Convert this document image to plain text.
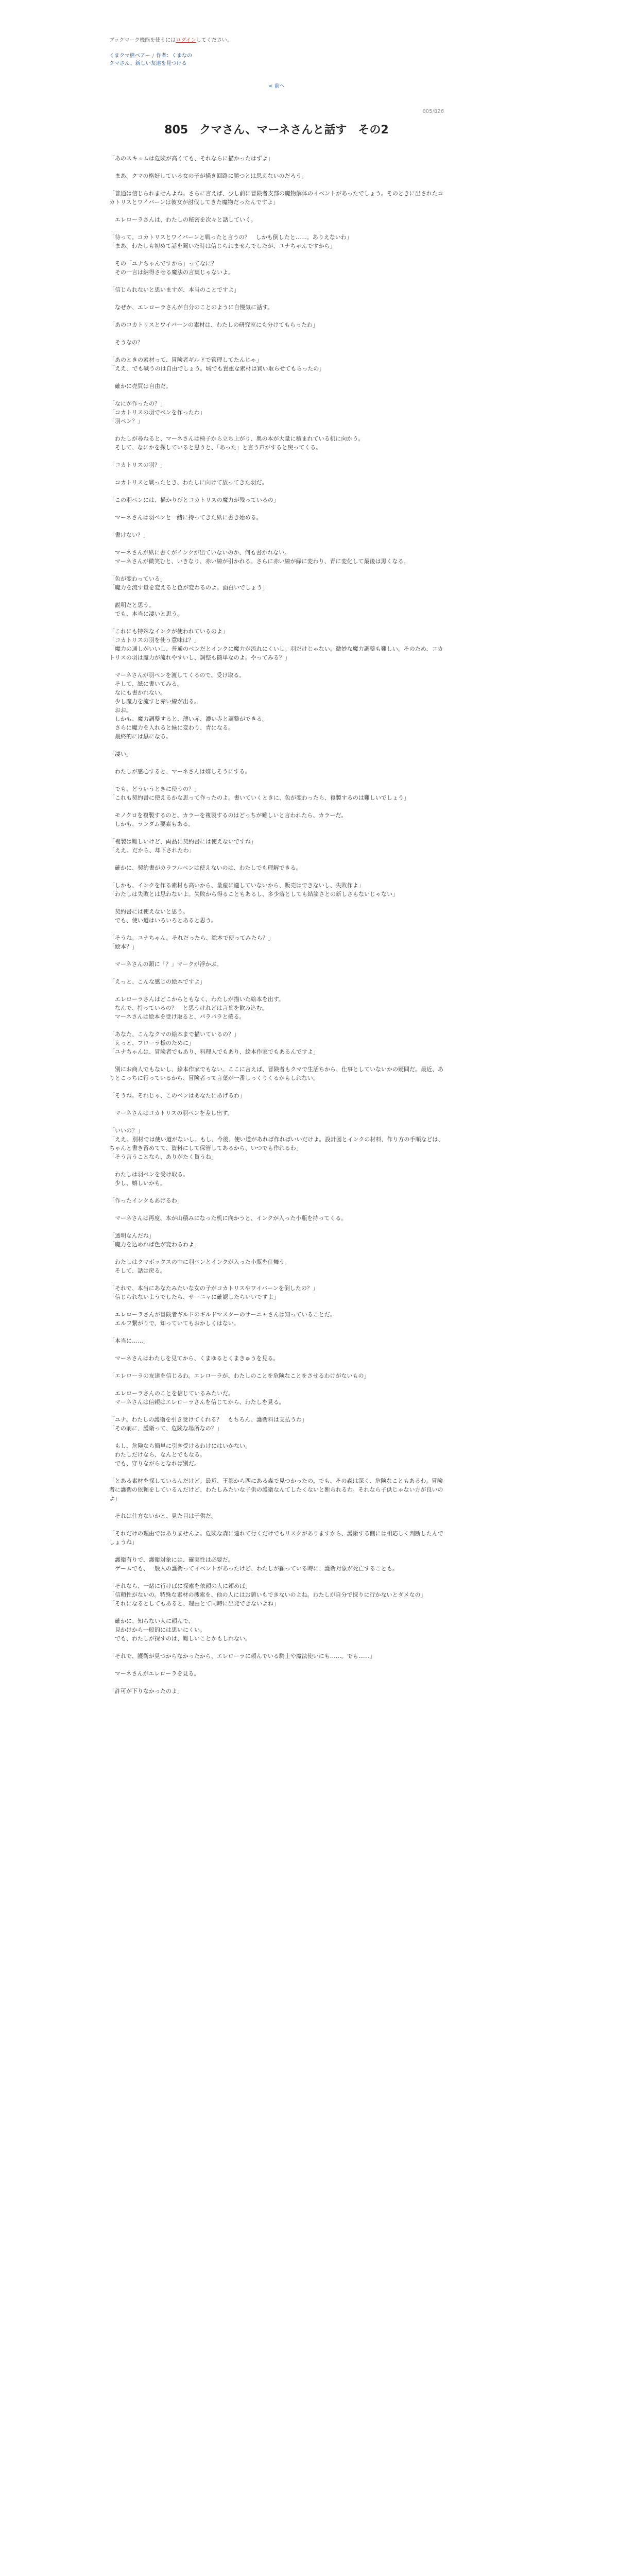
ブックマーク機能を使うにはログインしてください。
くまクマ熊ベアー / 作者：くまなの
クマさん、新しい友達を見つける
< 前へ
805/826
805　クマさん、マーネさんと話す　その2

「あのスキュムは危険が高くても、それならに描かったはずよ」

　まあ、クマの格好している女の子が描き回路に勝つとは思えないのだろう。

「普通は信じられませんよね。さらに言えば、少し前に冒険者支部の魔物解体のイベントがあったでしょう。そのときに出されたコカトリスとワイバーンは彼女が討伐してきた魔物だったんですよ」

　エレローラさんは、わたしの秘密を次々と話していく。

「待って。コカトリスとワイバーンと戦ったと言うの？　しかも倒したと……。ありえないわ」
「まあ、わたしも初めて話を聞いた時は信じられませんでしたが、ユナちゃんですから」

　その「ユナちゃんですから」ってなに？
　その一言は納得させる魔法の言葉じゃないよ。

「信じられないと思いますが、本当のことですよ」

　なぜか、エレローラさんが自分のことのように自慢気に話す。

「あのコカトリスとワイバーンの素材は、わたしの研究室にも分けてもらったわ」

　そうなの？

「あのときの素材って、冒険者ギルドで管理してたんじゃ」
「ええ、でも戦うのは自由でしょう。城でも貴重な素材は買い取らせてもらったの」

　確かに売買は自由だ。

「なにか作ったの？」
「コカトリスの羽でペンを作ったわ」
「羽ペン？」

　わたしが尋ねると、マーネさんは椅子から立ち上がり、奥の本が大量に積まれている机に向かう。
　そして、なにかを探していると思うと、「あった」と言う声がすると戻ってくる。

「コカトリスの羽？」

　コカトリスと戦ったとき、わたしに向けて放ってきた羽だ。

「この羽ペンには、描かりびとコカトリスの魔力が残っているの」

　マーネさんは羽ペンと一緒に持ってきた紙に書き始める。

「書けない？」

　マーネさんが紙に書くがインクが出ていないのか、何も書かれない。
　マーネさんが微笑むと、いきなり、赤い線が引かれる。さらに赤い線が緑に変わり、青に変化して最後は黒くなる。

「色が変わっている」
「魔力を流す量を変えると色が変わるのよ。面白いでしょう」

　説明だと思う。
　でも、本当に凄いと思う。

「これにも特殊なインクが使われているのよ」
「コカトリスの羽を使う意味は？」
「魔力の通しがいいし、普通のペンだとインクに魔力が流れにくいし。羽だけじゃない。微妙な魔力調整も難しい。そのため、コカトリスの羽は魔力が流れやすいし、調整も簡単なのよ。やってみる？」

　マーネさんが羽ペンを渡してくるので、受け取る。
　そして、紙に書いてみる。
　なにも書かれない。
　少し魔力を流すと赤い線が出る。
　おお。
　しかも、魔力調整すると、薄い赤、濃い赤と調整ができる。
　さらに魔力を入れると緑に変わり、青になる。
　最終的には黒になる。

「凄い」

　わたしが感心すると、マーネさんは嬉しそうにする。

「でも、どういうときに使うの？」
「これも契約書に使えるかな思って作ったのよ。書いていくときに、色が変わったら、複製するのは難しいでしょう」

　モノクロを複製するのと、カラーを複製するのはどっちが難しいと言われたら、カラーだ。
　しかも、ランダム要素もある。

「複製は難しいけど、両品に契約書には使えないですね」
「ええ。だから、却下されたわ」

　確かに、契約書がカラフルペンは使えないのは、わたしでも理解できる。

「しかも、インクを作る素材も高いから、量産に適していないから、販売はできないし、失敗作よ」
「わたしは失敗とは思わないよ。失敗から得ることもあるし、多少落としても結論さとの新しさもないじゃない」

　契約書には使えないと思う。
　でも、使い道はいろいろとあると思う。

「そうね。ユナちゃん。それだったら、絵本で使ってみたら？」
「絵本？」

　マーネさんの頭に「？」マークが浮かぶ。

「えっと、こんな感じの絵本ですよ」

　エレローラさんはどこからともなく、わたしが描いた絵本を出す。
　なんで、持っているの？　と思うけれどは言葉を飲み込む。
　マーネさんは絵本を受け取ると、パラパラと捲る。

「あなた、こんなクマの絵本まで描いているの？」
「えっと、フローラ様のために」
「ユナちゃんは、冒険者でもあり、料理人でもあり、絵本作家でもあるんですよ」

　別にお商人でもないし、絵本作家でもない。ここに言えば、冒険者もクマで生活ちから、仕事としていないかの疑問だ。最近、ありとこっちに行っているから、冒険者って言葉が一番しっくりくるかもしれない。

「そうね。それじゃ、このペンはあなたにあげるわ」

　マーネさんはコカトリスの羽ペンを差し出す。

「いいの？」
「ええ。別材では使い道がないし。もし、今後、使い道があれば作ればいいだけよ。設計図とインクの材料、作り方の手順などは、ちゃんと書き留めてて、資料にして保管してあるから、いつでも作れるわ」
「そう言うことなら、ありがたく貰うね」

　わたしは羽ペンを受け取る。
　少し、嬉しいかも。

「作ったインクもあげるわ」

　マーネさんは再度、本が山積みになった机に向かうと、インクが入った小瓶を持ってくる。

「透明なんだね」
「魔力を込めれば色が変わるわよ」

　わたしはクマボックスの中に羽ペンとインクが入った小瓶を仕舞う。
　そして、話は戻る。

「それで、本当にあなたみたいな女の子がコカトリスやワイバーンを倒したの？」
「信じられないようでしたら、サーニャに確認したらいいですよ」

　エレローラさんが冒険者ギルドのギルドマスターのサーニャさんは知っていることだ。
　エルフ繋がりで、知っていてもおかしくはない。

「本当に……」

　マーネさんはわたしを見てから、くまゆるとくまきゅうを見る。

「エレローラの友達を信じるわ。エレローラが、わたしのことを危険なことをさせるわけがないもの」

　エレローラさんのことを信じているみたいだ。
　マーネさんは信頼はエレローラさんを信じてから、わたしを見る。

「ユナ。わたしの護衛を引き受けてくれる？　もちろん、護衛料は支払うわ」
「その前に、護衛って、危険な場所なの？」

　もし、危険なら簡単に引き受けるわけにはいかない。
　わたしだけなら、なんとでもなる。
　でも、守りながらとなれば別だ。

「とある素材を探しているんだけど。最近、王都から西にある森で見つかったの。でも、その森は深く、危険なこともあるわ。冒険者に護衛の依頼をしているんだけど、わたしみたいな子供の護衛なんてしたくないと断られるわ。それなら子供じゃない方が良いのよ」

　それは仕方ないかと、見た目は子供だ。

「それだけの理由ではありませんよ。危険な森に連れて行くだけでもリスクがありますから、護衛する側には相応しく判断したんでしょうね」

　護衛有りで、護衛対象には、確実性は必要だ。
　ゲームでも、一般人の護衛ってイベントがあったけど、わたしが顧っている時に、護衛対象が死亡することも。

「それなら、一緒に行けばに探索を依頼の人に頼めば」
「信頼性がないの。特殊な素材の捜索を、他の人にはお願いもできないのよね。わたしが自分で採りに行かないとダメなの」
「それになるとしてもあると、理由とて同時に出発できないよね」

　確かに、知らない人に頼んで、
　見かけから一般的には思いにくい。
　でも、わたしが探すのは、難しいことかもしれない。

「それで、護衛が見つからなかったから、エレローラに頼んでいる騎士や魔法使いにも……。でも……」

　マーネさんがエレローラを見る。

「許可が下りなかったのよ」
